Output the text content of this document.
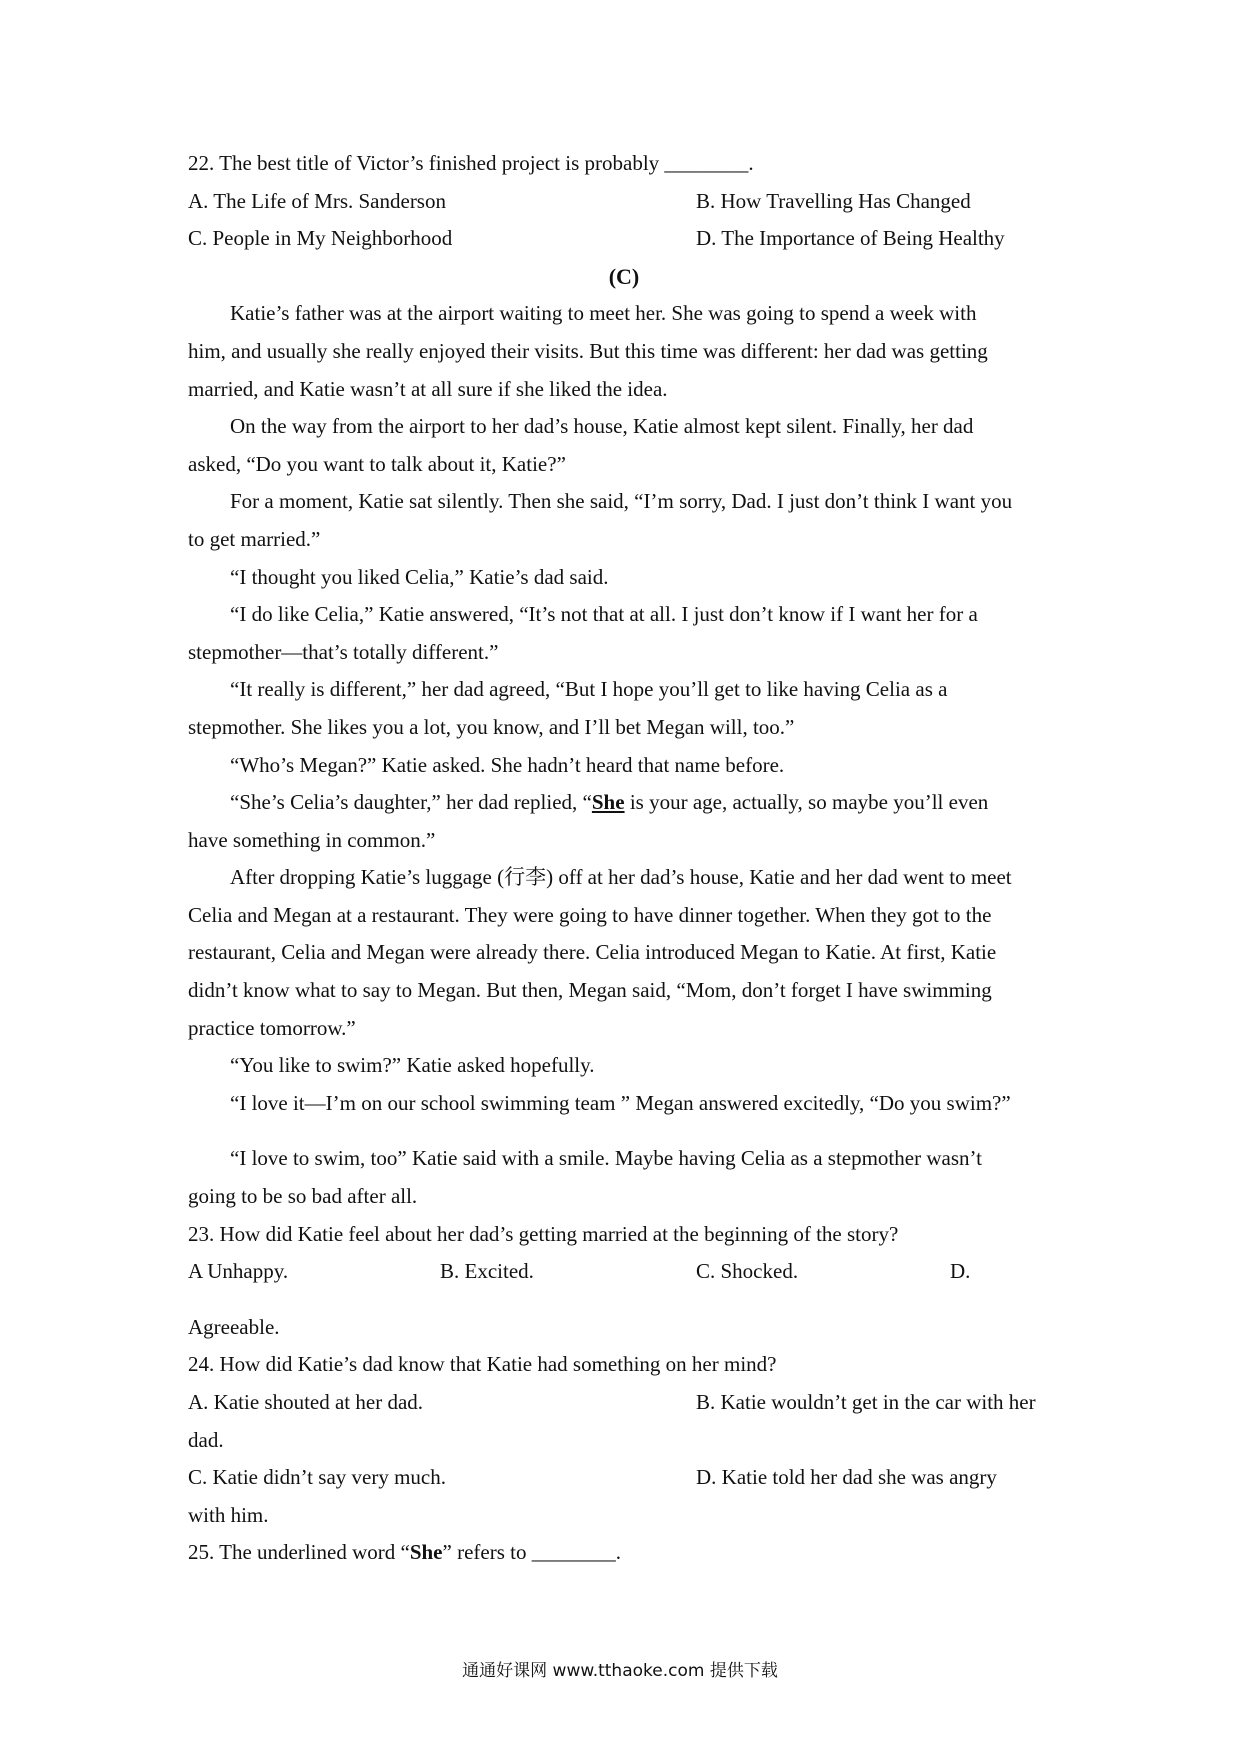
22. The best title of Victor’s finished project is probably ________.
A. The Life of Mrs. Sanderson	B. How Travelling Has Changed
C. People in My Neighborhood	D. The Importance of Being Healthy
(C)
Katie’s father was at the airport waiting to meet her. She was going to spend a week with
him, and usually she really enjoyed their visits. But this time was different: her dad was getting
married, and Katie wasn’t at all sure if she liked the idea.
On the way from the airport to her dad’s house, Katie almost kept silent. Finally, her dad
asked, “Do you want to talk about it, Katie?”
For a moment, Katie sat silently. Then she said, “I’m sorry, Dad. I just don’t think I want you
to get married.”
“I thought you liked Celia,” Katie’s dad said.
“I do like Celia,” Katie answered, “It’s not that at all. I just don’t know if I want her for a
stepmother—that’s totally different.”
“It really is different,” her dad agreed, “But I hope you’ll get to like having Celia as a
stepmother. She likes you a lot, you know, and I’ll bet Megan will, too.”
“Who’s Megan?” Katie asked. She hadn’t heard that name before.
“She’s Celia’s daughter,” her dad replied, “She is your age, actually, so maybe you’ll even
have something in common.”
After dropping Katie’s luggage (行李) off at her dad’s house, Katie and her dad went to meet
Celia and Megan at a restaurant. They were going to have dinner together. When they got to the
restaurant, Celia and Megan were already there. Celia introduced Megan to Katie. At first, Katie
didn’t know what to say to Megan. But then, Megan said, “Mom, don’t forget I have swimming
practice tomorrow.”
“You like to swim?” Katie asked hopefully.
“I love it—I’m on our school swimming team ” Megan answered excitedly, “Do you swim?”
“I love to swim, too” Katie said with a smile. Maybe having Celia as a stepmother wasn’t
going to be so bad after all.
23. How did Katie feel about her dad’s getting married at the beginning of the story?
A Unhappy.	B. Excited.	C. Shocked.	D.
Agreeable.
24. How did Katie’s dad know that Katie had something on her mind?
A. Katie shouted at her dad.	B. Katie wouldn’t get in the car with her
dad.
C. Katie didn’t say very much.	D. Katie told her dad she was angry
with him.
25. The underlined word “She” refers to ________.
通通好课网 www.tthaoke.com 提供下载
